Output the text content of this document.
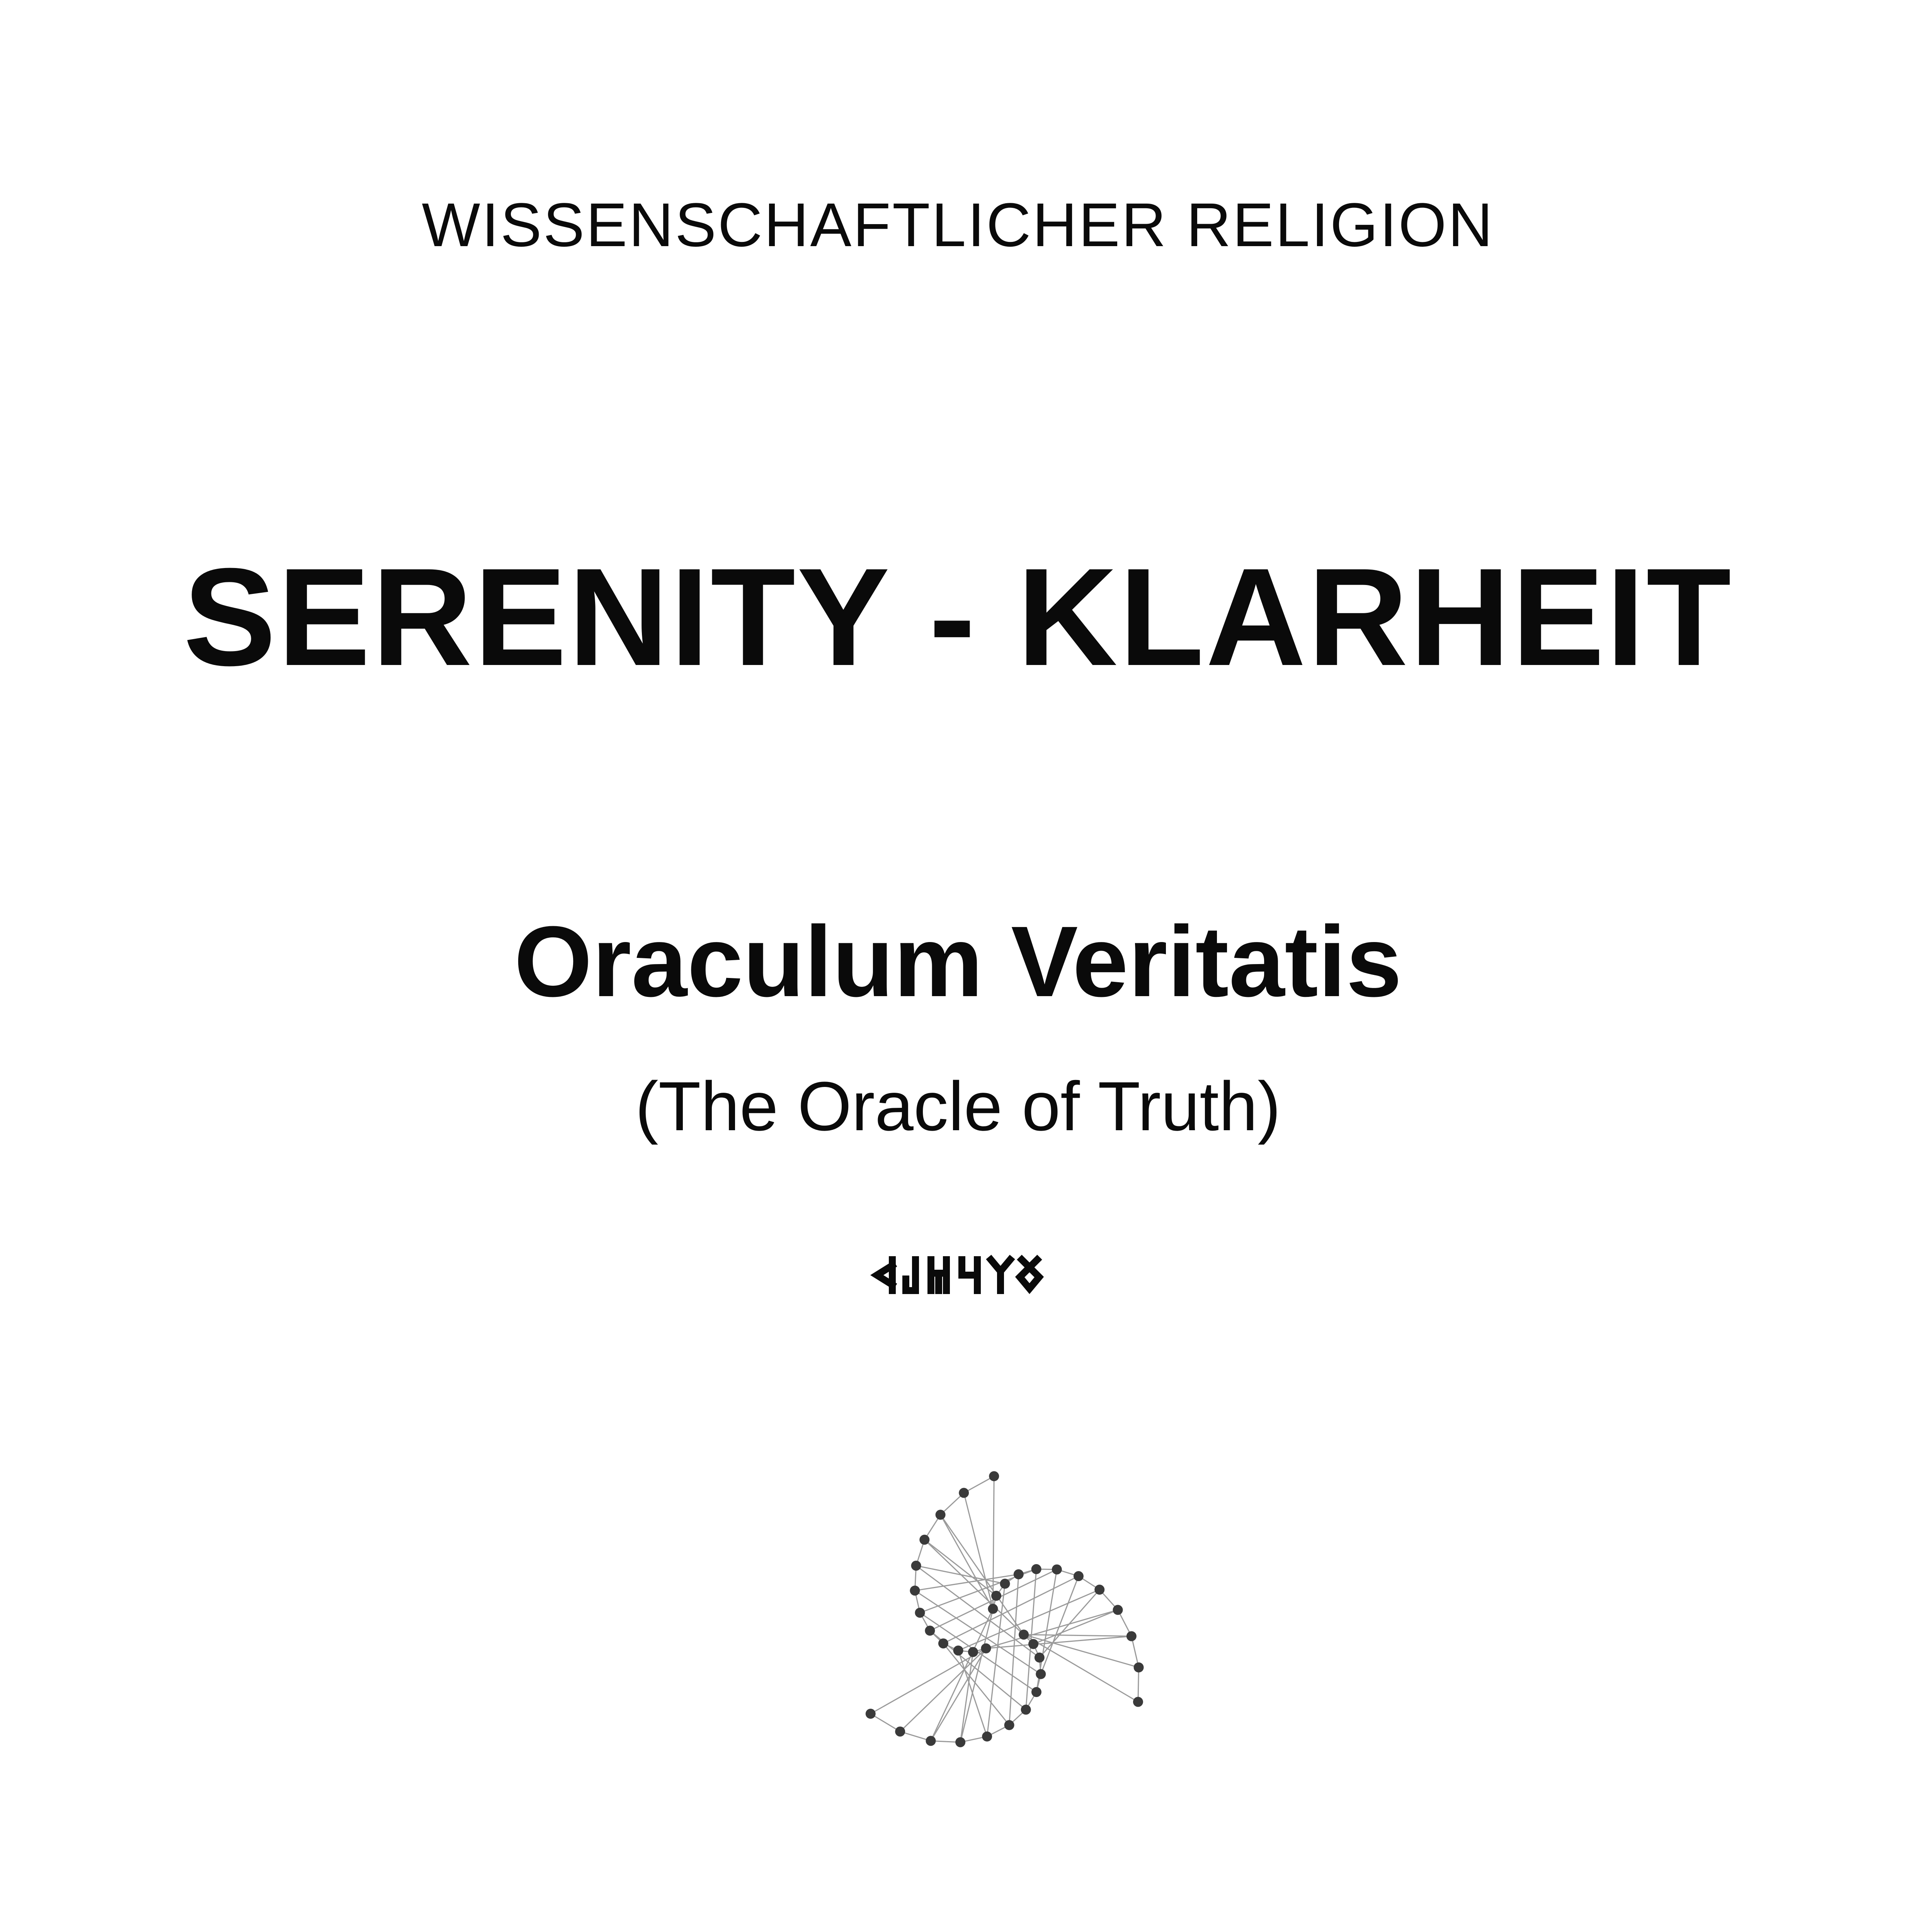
WISSENSCHAFTLICHER RELIGION
SERENITY - KLARHEIT
Oraculum Veritatis
(The Oracle of Truth)
